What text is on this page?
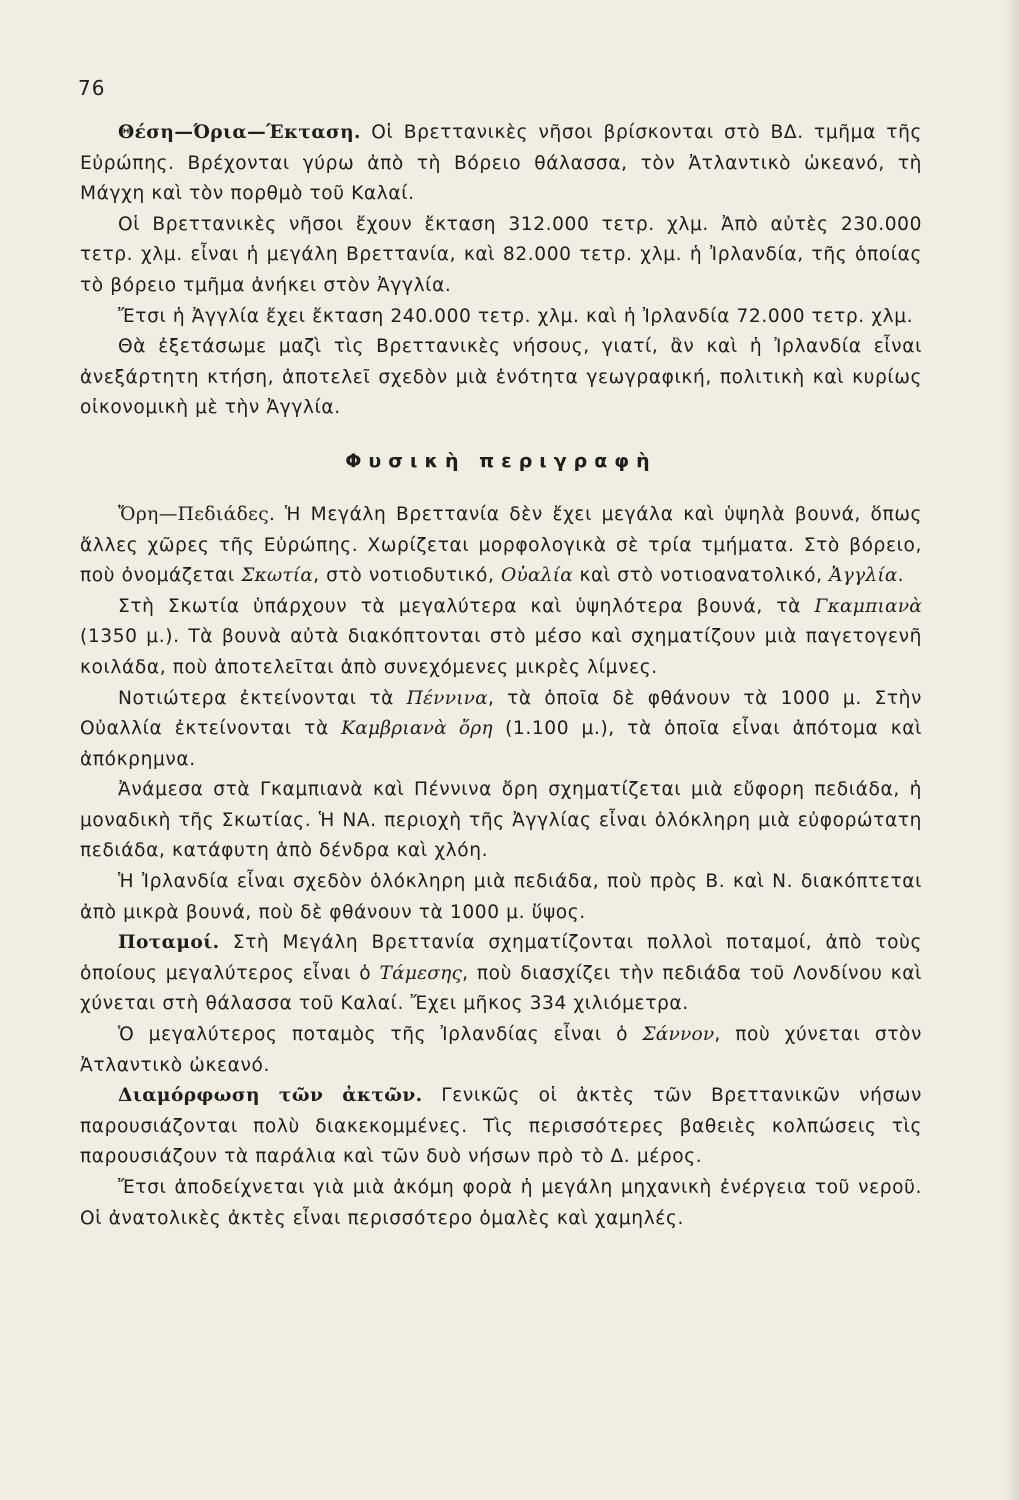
76

Θέση—Όρια—Έκταση. Οἱ Βρεττανικὲς νῆσοι βρίσκονται στὸ ΒΔ. τμῆμα τῆς Εὐρώπης. Βρέχονται γύρω ἀπὸ τὴ Βόρειο θάλασσα, τὸν Ἀτλαντικὸ ὠκεανό, τὴ Μάγχη καὶ τὸν πορθμὸ τοῦ Καλαί.

Οἱ Βρεττανικὲς νῆσοι ἔχουν ἔκταση 312.000 τετρ. χλμ. Ἀπὸ αὐτὲς 230.000 τετρ. χλμ. εἶναι ἡ μεγάλη Βρεττανία, καὶ 82.000 τετρ. χλμ. ἡ Ἰρλανδία, τῆς ὁποίας τὸ βόρειο τμῆμα ἀνήκει στὸν Ἀγγλία.

Ἔτσι ἡ Ἀγγλία ἔχει ἔκταση 240.000 τετρ. χλμ. καὶ ἡ Ἰρλανδία 72.000 τετρ. χλμ.

Θὰ ἐξετάσωμε μαζὶ τὶς Βρεττανικὲς νήσους, γιατί, ἂν καὶ ἡ Ἰρλανδία εἶναι ἀνεξάρτητη κτήση, ἀποτελεῖ σχεδὸν μιὰ ἑνότητα γεωγραφική, πολιτικὴ καὶ κυρίως οἰκονομικὴ μὲ τὴν Ἀγγλία.

Φυσικὴ περιγραφὴ

Ὄρη—Πεδιάδες. Ἡ Μεγάλη Βρεττανία δὲν ἔχει μεγάλα καὶ ὑψηλὰ βουνά, ὅπως ἄλλες χῶρες τῆς Εὐρώπης. Χωρίζεται μορφολογικὰ σὲ τρία τμήματα. Στὸ βόρειο, ποὺ ὀνομάζεται Σκωτία, στὸ νοτιοδυτικό, Οὐαλία καὶ στὸ νοτιοανατολικό, Ἀγγλία.

Στὴ Σκωτία ὑπάρχουν τὰ μεγαλύτερα καὶ ὑψηλότερα βουνά, τὰ Γκαμπιανὰ (1350 μ.). Τὰ βουνὰ αὐτὰ διακόπτονται στὸ μέσο καὶ σχηματίζουν μιὰ παγετογενῆ κοιλάδα, ποὺ ἀποτελεῖται ἀπὸ συνεχόμενες μικρὲς λίμνες.

Νοτιώτερα ἐκτείνονται τὰ Πέννινα, τὰ ὁποῖα δὲ φθάνουν τὰ 1000 μ. Στὴν Οὐαλλία ἐκτείνονται τὰ Καμβριανὰ ὄρη (1.100 μ.), τὰ ὁποῖα εἶναι ἀπότομα καὶ ἀπόκρημνα.

Ἀνάμεσα στὰ Γκαμπιανὰ καὶ Πέννινα ὄρη σχηματίζεται μιὰ εὔφορη πεδιάδα, ἡ μοναδικὴ τῆς Σκωτίας. Ἡ ΝΑ. περιοχὴ τῆς Ἀγγλίας εἶναι ὁλόκληρη μιὰ εὐφορώτατη πεδιάδα, κατάφυτη ἀπὸ δένδρα καὶ χλόη.

Ἡ Ἰρλανδία εἶναι σχεδὸν ὁλόκληρη μιὰ πεδιάδα, ποὺ πρὸς Β. καὶ Ν. διακόπτεται ἀπὸ μικρὰ βουνά, ποὺ δὲ φθάνουν τὰ 1000 μ. ὕψος.

Ποταμοί. Στὴ Μεγάλη Βρεττανία σχηματίζονται πολλοὶ ποταμοί, ἀπὸ τοὺς ὁποίους μεγαλύτερος εἶναι ὁ Τάμεσης, ποὺ διασχίζει τὴν πεδιάδα τοῦ Λονδίνου καὶ χύνεται στὴ θάλασσα τοῦ Καλαί. Ἔχει μῆκος 334 χιλιόμετρα.

Ὁ μεγαλύτερος ποταμὸς τῆς Ἰρλανδίας εἶναι ὁ Σάννον, ποὺ χύνεται στὸν Ἀτλαντικὸ ὠκεανό.

Διαμόρφωση τῶν ἀκτῶν. Γενικῶς οἱ ἀκτὲς τῶν Βρεττανικῶν νήσων παρουσιάζονται πολὺ διακεκομμένες. Τὶς περισσότερες βαθειὲς κολπώσεις τὶς παρουσιάζουν τὰ παράλια καὶ τῶν δυὸ νήσων πρὸ τὸ Δ. μέρος.

Ἔτσι ἀποδείχνεται γιὰ μιὰ ἀκόμη φορὰ ἡ μεγάλη μηχανικὴ ἐνέργεια τοῦ νεροῦ. Οἱ ἀνατολικὲς ἀκτὲς εἶναι περισσότερο ὁμαλὲς καὶ χαμηλές.
